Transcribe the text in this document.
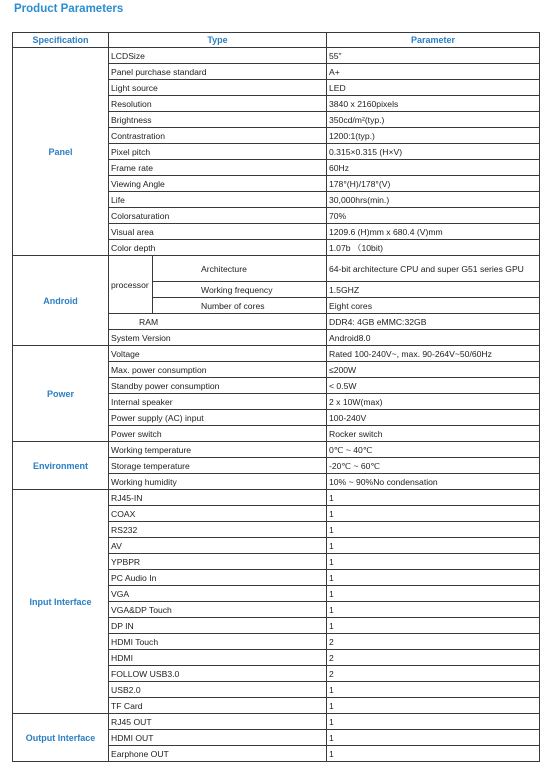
Product Parameters
Specification	Type		Parameter
Panel	LCDSize		55"
	Panel purchase standard		A+
	Light source		LED
	Resolution		3840 x 2160pixels
	Brightness		350cd/m²(typ.)
	Contrastration		1200:1(typ.)
	Pixel pitch		0.315×0.315 (H×V)
	Frame rate		60Hz
	Viewing Angle		178°(H)/178°(V)
	Life		30,000hrs(min.)
	Colorsaturation		70%
	Visual area		1209.6 (H)mm x 680.4 (V)mm
	Color depth		1.07b （10bit)
Android	processor	Architecture	64-bit architecture CPU and super G51 series GPU
		Working frequency	1.5GHZ
		Number of cores	Eight cores
	RAM		DDR4: 4GB eMMC:32GB
	System Version		Android8.0
Power	Voltage		Rated 100-240V~, max. 90-264V~50/60Hz
	Max. power consumption		≤200W
	Standby power consumption		< 0.5W
	Internal speaker		2 x 10W(max)
	Power supply (AC) input		100-240V
	Power switch		Rocker switch
Environment	Working temperature		0℃ ~ 40℃
	Storage temperature		-20℃ ~ 60℃
	Working humidity		10% ~ 90%No condensation
Input Interface	RJ45-IN		1
	COAX		1
	RS232		1
	AV		1
	YPBPR		1
	PC Audio In		1
	VGA		1
	VGA&DP Touch		1
	DP IN		1
	HDMI Touch		2
	HDMI		2
	FOLLOW USB3.0		2
	USB2.0		1
	TF Card		1
Output Interface	RJ45 OUT		1
	HDMI OUT		1
	Earphone OUT		1
